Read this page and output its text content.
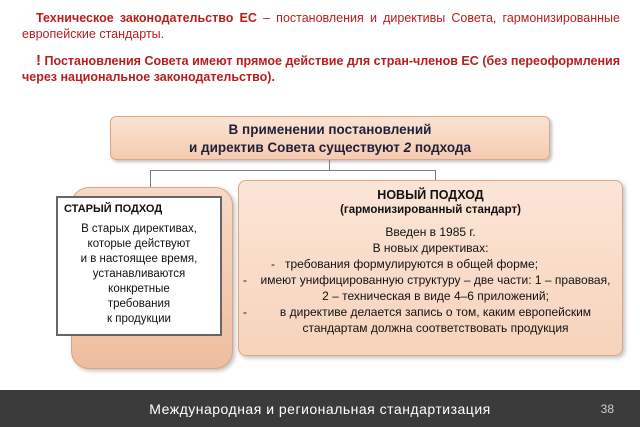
Техническое законодательство ЕС – постановления и директивы Совета, гармонизированные европейские стандарты.
! Постановления Совета имеют прямое действие для стран-членов ЕС (без переоформления через национальное законодательство).
В применении постановлений
и директив Совета существуют 2 подхода
СТАРЫЙ ПОДХОД
В старых директивах,
которые действуют
и в настоящее время,
устанавливаются
конкретные
требования
к продукции
НОВЫЙ ПОДХОД
(гармонизированный стандарт)
Введен в 1985 г.
В новых директивах:
- требования формулируются в общей форме;
- имеют унифицированную структуру – две части: 1 – правовая, 2 – техническая в виде 4–6 приложений;
-	в директиве делается запись о том, каким европейским стандартам должна соответствовать продукция
Международная и региональная стандартизация	38
